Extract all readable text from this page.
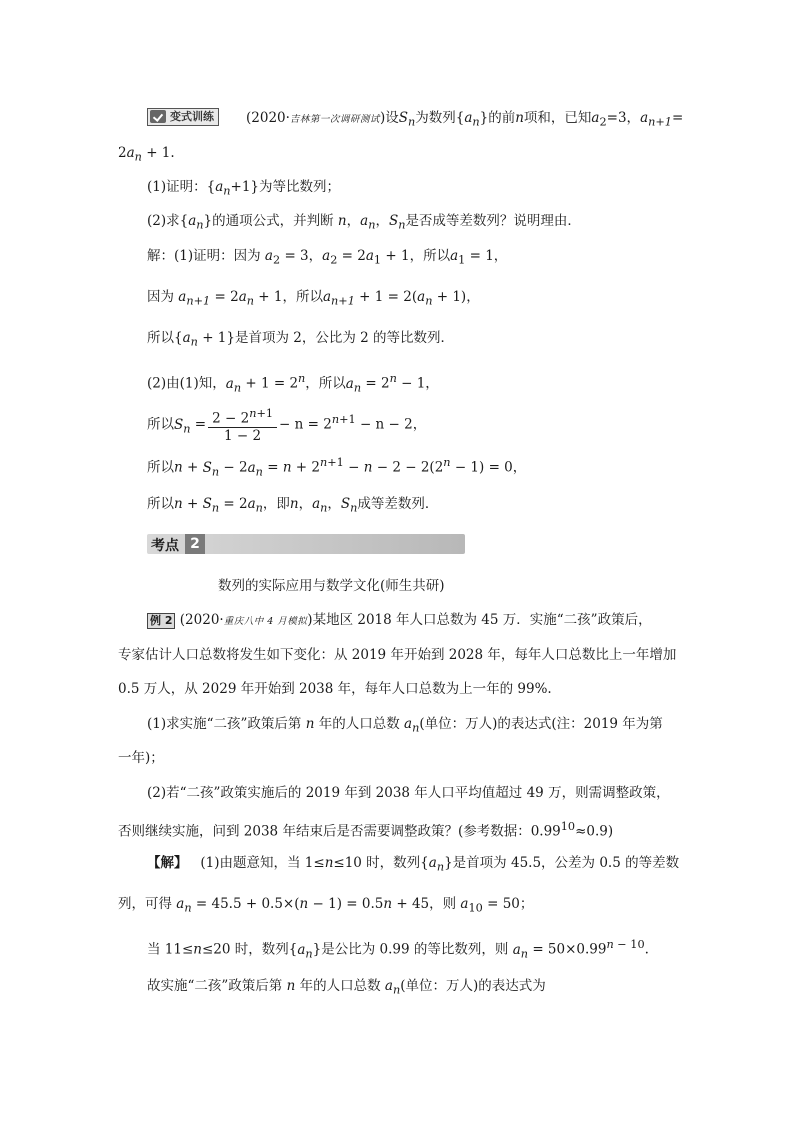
变式训练	(2020·吉林第一次调研测试)设$S_n$为数列$\{a_n\}$的前n项和，已知$a_2=3$，$a_{n+1}=$
$2a_n + 1$.
(1)证明：$\{a_n+1\}$为等比数列；
(2)求$\{a_n\}$的通项公式，并判断 n，$a_n$，$S_n$是否成等差数列？说明理由．
解：(1)证明：因为 $a_2 = 3$，$a_2 = 2a_1 + 1$，所以$a_1 = 1$，
因为 $a_{n+1} = 2a_n + 1$，所以$a_{n+1} + 1 = 2(a_n + 1)$，
所以$\{a_n + 1\}$是首项为 2，公比为 2 的等比数列．
(2)由(1)知，$a_n + 1 = 2^n$，所以$a_n = 2^n - 1$，
所以$S_n = \frac{2 - 2^{n+1}}{1 - 2} - n = 2^{n+1} - n - 2$，
所以$n + S_n - 2a_n = n + 2^{n+1} - n - 2 - 2(2^n - 1) = 0$，
所以$n + S_n = 2a_n$，即n，$a_n$，$S_n$成等差数列．
考点 2
数列的实际应用与数学文化(师生共研)
例 2 (2020·重庆八中 4 月模拟)某地区 2018 年人口总数为 45 万．实施“二孩”政策后，
专家估计人口总数将发生如下变化：从 2019 年开始到 2028 年，每年人口总数比上一年增加
0.5 万人，从 2029 年开始到 2038 年，每年人口总数为上一年的 99%.
(1)求实施“二孩”政策后第 n 年的人口总数 $a_n$(单位：万人)的表达式(注：2019 年为第
一年)；
(2)若“二孩”政策实施后的 2019 年到 2038 年人口平均值超过 49 万，则需调整政策，
否则继续实施，问到 2038 年结束后是否需要调整政策？(参考数据：$0.99^{10}\approx 0.9$)
【解】 (1)由题意知，当 1≤n≤10 时，数列$\{a_n\}$是首项为 45.5，公差为 0.5 的等差数
列，可得 $a_n = 45.5 + 0.5\times(n - 1) = 0.5n + 45$，则 $a_{10} = 50$；
当 11≤n≤20 时，数列$\{a_n\}$是公比为 0.99 的等比数列，则 $a_n = 50\times 0.99^{n - 10}$.
故实施“二孩”政策后第 n 年的人口总数 $a_n$(单位：万人)的表达式为
